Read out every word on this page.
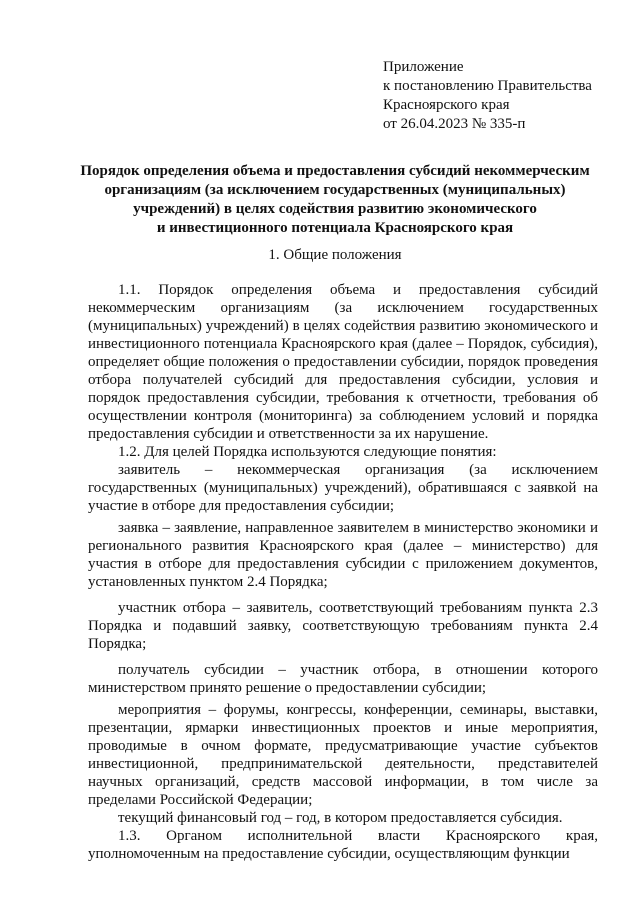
Приложение
к постановлению Правительства
Красноярского края
от 26.04.2023 № 335-п
Порядок определения объема и предоставления субсидий некоммерческим
организациям (за исключением государственных (муниципальных)
учреждений) в целях содействия развитию экономического
и инвестиционного потенциала Красноярского края
1. Общие положения

1.1. Порядок определения объема и предоставления субсидий некоммерческим организациям (за исключением государственных (муниципальных) учреждений) в целях содействия развитию экономического и инвестиционного потенциала Красноярского края (далее – Порядок, субсидия), определяет общие положения о предоставлении субсидии, порядок проведения отбора получателей субсидий для предоставления субсидии, условия и порядок предоставления субсидии, требования к отчетности, требования об осуществлении контроля (мониторинга) за соблюдением условий и порядка предоставления субсидии и ответственности за их нарушение.

1.2. Для целей Порядка используются следующие понятия:

заявитель – некоммерческая организация (за исключением государственных (муниципальных) учреждений), обратившаяся с заявкой на участие в отборе для предоставления субсидии;

заявка – заявление, направленное заявителем в министерство экономики и регионального развития Красноярского края (далее – министерство) для участия в отборе для предоставления субсидии с приложением документов, установленных пунктом 2.4 Порядка;

участник отбора – заявитель, соответствующий требованиям пункта 2.3 Порядка и подавший заявку, соответствующую требованиям пункта 2.4 Порядка;

получатель субсидии – участник отбора, в отношении которого министерством принято решение о предоставлении субсидии;

мероприятия – форумы, конгрессы, конференции, семинары, выставки, презентации, ярмарки инвестиционных проектов и иные мероприятия, проводимые в очном формате, предусматривающие участие субъектов инвестиционной, предпринимательской деятельности, представителей научных организаций, средств массовой информации, в том числе за пределами Российской Федерации;

текущий финансовый год – год, в котором предоставляется субсидия.

1.3. Органом исполнительной власти Красноярского края, уполномоченным на предоставление субсидии, осуществляющим функции
